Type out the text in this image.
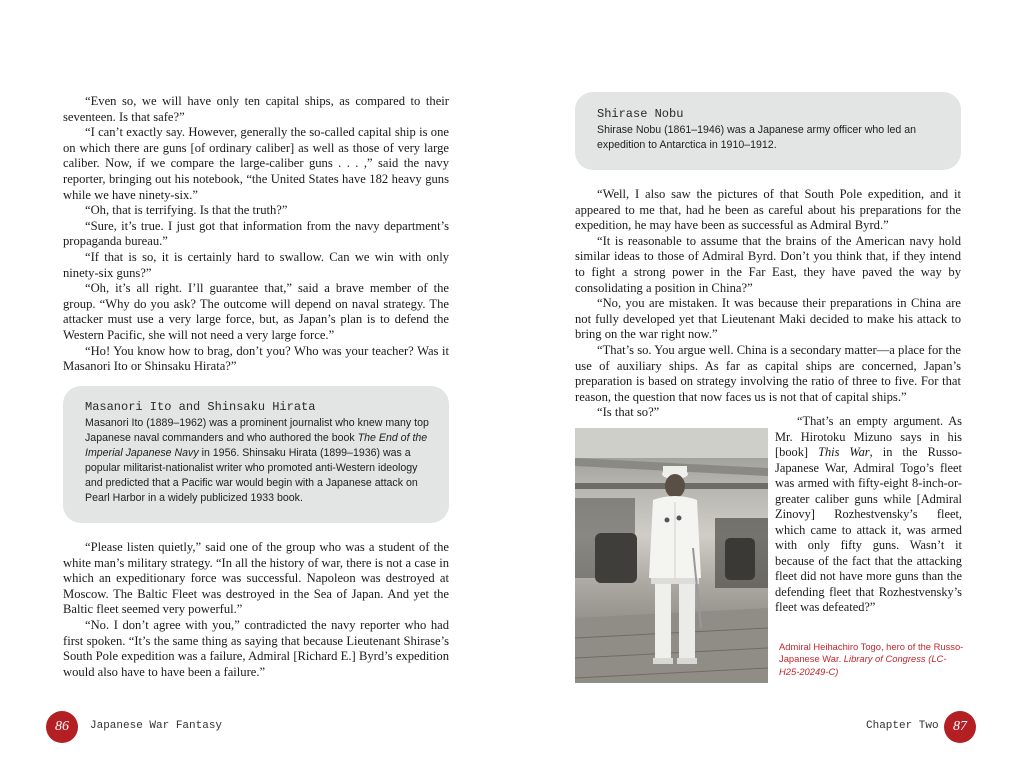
“Even so, we will have only ten capital ships, as compared to their seventeen. Is that safe?”

“I can’t exactly say. However, generally the so-called capital ship is one on which there are guns [of ordinary caliber] as well as those of very large caliber. Now, if we compare the large-caliber guns . . . ,” said the navy reporter, bringing out his notebook, “the United States have 182 heavy guns while we have ninety-six.”

“Oh, that is terrifying. Is that the truth?”

“Sure, it’s true. I just got that information from the navy department’s propaganda bureau.”

“If that is so, it is certainly hard to swallow. Can we win with only ninety-six guns?”

“Oh, it’s all right. I’ll guarantee that,” said a brave member of the group. “Why do you ask? The outcome will depend on naval strategy. The attacker must use a very large force, but, as Japan’s plan is to defend the Western Pacific, she will not need a very large force.”

“Ho! You know how to brag, don’t you? Who was your teacher? Was it Masanori Ito or Shinsaku Hirata?”

Masanori Ito and Shinsaku Hirata
Masanori Ito (1889–1962) was a prominent journalist who knew many top Japanese naval commanders and who authored the book The End of the Imperial Japanese Navy in 1956. Shinsaku Hirata (1899–1936) was a popular militarist-nationalist writer who promoted anti-Western ideology and predicted that a Pacific war would begin with a Japanese attack on Pearl Harbor in a widely publicized 1933 book.

“Please listen quietly,” said one of the group who was a student of the white man’s military strategy. “In all the history of war, there is not a case in which an expeditionary force was successful. Napoleon was destroyed at Moscow. The Baltic Fleet was destroyed in the Sea of Japan. And yet the Baltic fleet seemed very powerful.”

“No. I don’t agree with you,” contradicted the navy reporter who had first spoken. “It’s the same thing as saying that because Lieutenant Shirase’s South Pole expedition was a failure, Admiral [Richard E.] Byrd’s expedition would also have to have been a failure.”

86	Japanese War Fantasy
Shirase Nobu
Shirase Nobu (1861–1946) was a Japanese army officer who led an expedition to Antarctica in 1910–1912.

“Well, I also saw the pictures of that South Pole expedition, and it appeared to me that, had he been as careful about his preparations for the expedition, he may have been as successful as Admiral Byrd.”

“It is reasonable to assume that the brains of the American navy hold similar ideas to those of Admiral Byrd. Don’t you think that, if they intend to fight a strong power in the Far East, they have paved the way by consolidating a position in China?”

“No, you are mistaken. It was because their preparations in China are not fully developed yet that Lieutenant Maki decided to make his attack to bring on the war right now.”

“That’s so. You argue well. China is a secondary matter—a place for the use of auxiliary ships. As far as capital ships are concerned, Japan’s preparation is based on strategy involving the ratio of three to five. For that reason, the question that now faces us is not that of capital ships.”

“Is that so?”

“That’s an empty argument. As Mr. Hirotoku Mizuno says in his [book] This War, in the Russo-Japanese War, Admiral Togo’s fleet was armed with fifty-eight 8-inch-or-greater caliber guns while [Admiral Zinovy] Rozhestvensky’s fleet, which came to attack it, was armed with only fifty guns. Wasn’t it because of the fact that the attacking fleet did not have more guns than the defending fleet that Rozhestvensky’s fleet was defeated?”

Admiral Heihachiro Togo, hero of the Russo-Japanese War. Library of Congress (LC-H25-20249-C)
Chapter Two	87
